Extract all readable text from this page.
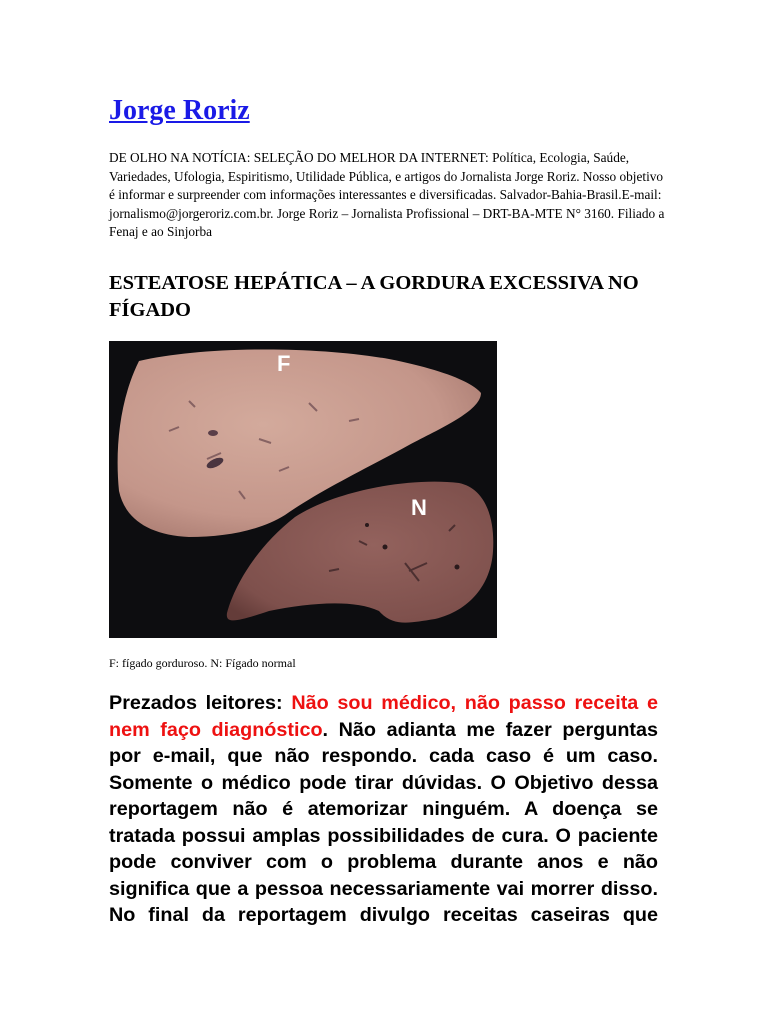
Jorge Roriz

DE OLHO NA NOTÍCIA: SELEÇÃO DO MELHOR DA INTERNET: Política, Ecologia, Saúde, Variedades, Ufologia, Espiritismo, Utilidade Pública, e artigos do Jornalista Jorge Roriz. Nosso objetivo é informar e surpreender com informações interessantes e diversificadas. Salvador-Bahia-Brasil.E-mail: jornalismo@jorgeroriz.com.br. Jorge Roriz – Jornalista Profissional – DRT-BA-MTE N° 3160. Filiado a Fenaj e ao Sinjorba

ESTEATOSE HEPÁTICA – A GORDURA EXCESSIVA NO FÍGADO
F
N

F: fígado gorduroso. N: Fígado normal

Prezados leitores: Não sou médico, não passo receita e nem faço diagnóstico. Não adianta me fazer perguntas por e-mail, que não respondo. cada caso é um caso. Somente o médico pode tirar dúvidas. O Objetivo dessa reportagem não é atemorizar ninguém. A doença se tratada possui amplas possibilidades de cura. O paciente pode conviver com o problema durante anos e não significa que a pessoa necessariamente vai morrer disso. No final da reportagem divulgo receitas caseiras que
